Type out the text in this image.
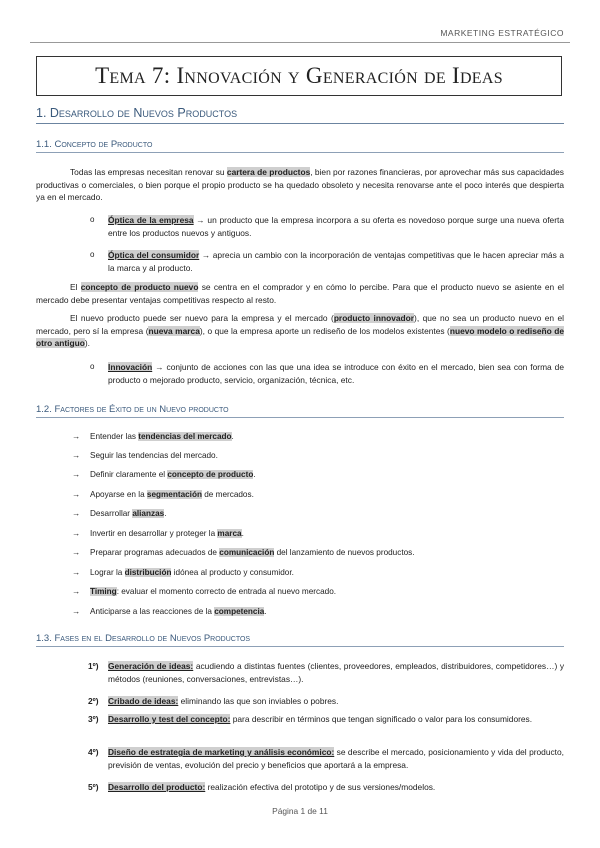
MARKETING ESTRATÉGICO
Tema 7: Innovación y Generación de Ideas
1. Desarrollo de Nuevos Productos
1.1. Concepto de Producto
Todas las empresas necesitan renovar su cartera de productos, bien por razones financieras, por aprovechar más sus capacidades productivas o comerciales, o bien porque el propio producto se ha quedado obsoleto y necesita renovarse ante el poco interés que despierta ya en el mercado.
o Óptica de la empresa → un producto que la empresa incorpora a su oferta es novedoso porque surge una nueva oferta entre los productos nuevos y antiguos.
o Óptica del consumidor → aprecia un cambio con la incorporación de ventajas competitivas que le hacen apreciar más a la marca y al producto.
El concepto de producto nuevo se centra en el comprador y en cómo lo percibe. Para que el producto nuevo se asiente en el mercado debe presentar ventajas competitivas respecto al resto.
El nuevo producto puede ser nuevo para la empresa y el mercado (producto innovador), que no sea un producto nuevo en el mercado, pero sí la empresa (nueva marca), o que la empresa aporte un rediseño de los modelos existentes (nuevo modelo o rediseño de otro antiguo).
o Innovación → conjunto de acciones con las que una idea se introduce con éxito en el mercado, bien sea con forma de producto o mejorado producto, servicio, organización, técnica, etc.
1.2. Factores de Éxito de un Nuevo producto
→ Entender las tendencias del mercado.
→ Seguir las tendencias del mercado.
→ Definir claramente el concepto de producto.
→ Apoyarse en la segmentación de mercados.
→ Desarrollar alianzas.
→ Invertir en desarrollar y proteger la marca.
→ Preparar programas adecuados de comunicación del lanzamiento de nuevos productos.
→ Lograr la distribución idónea al producto y consumidor.
→ Timing: evaluar el momento correcto de entrada al nuevo mercado.
→ Anticiparse a las reacciones de la competencia.
1.3. Fases en el Desarrollo de Nuevos Productos
1º) Generación de ideas: acudiendo a distintas fuentes (clientes, proveedores, empleados, distribuidores, competidores…) y métodos (reuniones, conversaciones, entrevistas…).
2º) Cribado de ideas: eliminando las que son inviables o pobres.
3º) Desarrollo y test del concepto: para describir en términos que tengan significado o valor para los consumidores.
4º) Diseño de estrategia de marketing y análisis económico: se describe el mercado, posicionamiento y vida del producto, previsión de ventas, evolución del precio y beneficios que aportará a la empresa.
5º) Desarrollo del producto: realización efectiva del prototipo y de sus versiones/modelos.
Página 1 de 11
